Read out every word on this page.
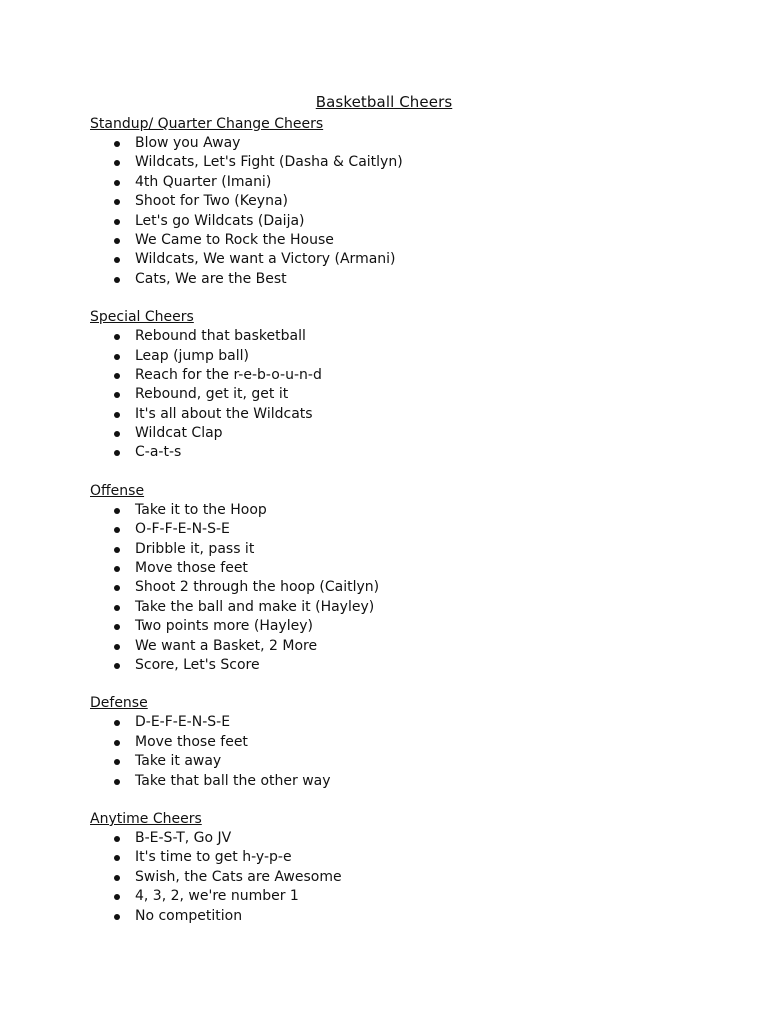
Basketball Cheers
Standup/ Quarter Change Cheers
Blow you Away
Wildcats, Let's Fight (Dasha & Caitlyn)
4th Quarter (Imani)
Shoot for Two (Keyna)
Let's go Wildcats (Daija)
We Came to Rock the House
Wildcats, We want a Victory (Armani)
Cats, We are the Best
Special Cheers
Rebound that basketball
Leap (jump ball)
Reach for the r-e-b-o-u-n-d
Rebound, get it, get it
It's all about the Wildcats
Wildcat Clap
C-a-t-s
Offense
Take it to the Hoop
O-F-F-E-N-S-E
Dribble it, pass it
Move those feet
Shoot 2 through the hoop (Caitlyn)
Take the ball and make it (Hayley)
Two points more (Hayley)
We want a Basket, 2 More
Score, Let's Score
Defense
D-E-F-E-N-S-E
Move those feet
Take it away
Take that ball the other way
Anytime Cheers
B-E-S-T, Go JV
It's time to get h-y-p-e
Swish, the Cats are Awesome
4, 3, 2, we're number 1
No competition
